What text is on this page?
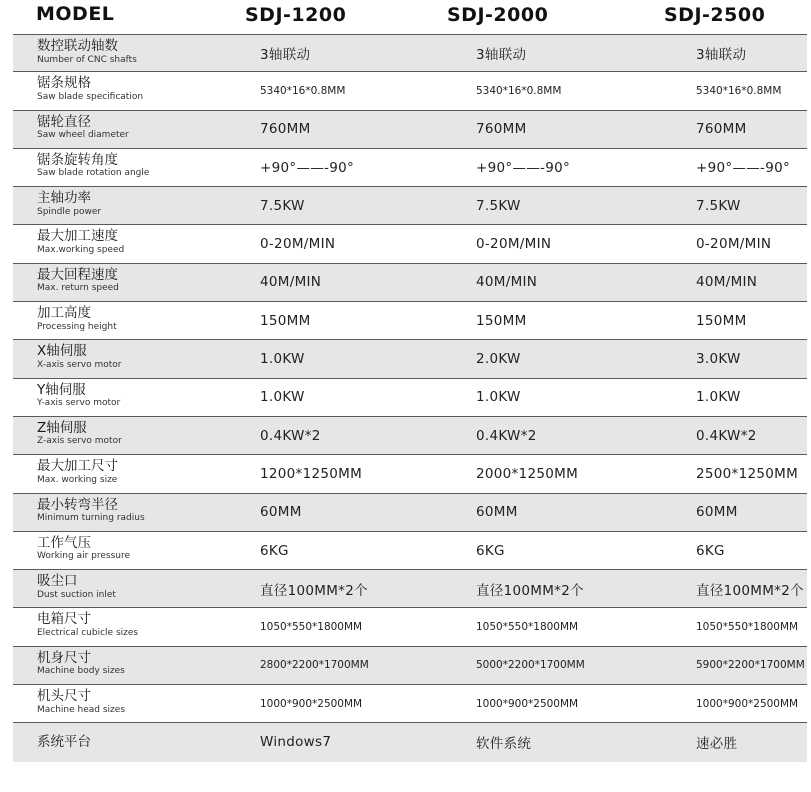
MODEL	SDJ-1200	SDJ-2000	SDJ-2500
数控联动轴数
Number of CNC shafts	3轴联动	3轴联动	3轴联动
锯条规格
Saw blade specification	5340*16*0.8MM	5340*16*0.8MM	5340*16*0.8MM
锯轮直径
Saw wheel diameter	760MM	760MM	760MM
锯条旋转角度
Saw blade rotation angle	+90°——-90°	+90°——-90°	+90°——-90°
主轴功率
Spindle power	7.5KW	7.5KW	7.5KW
最大加工速度
Max.working speed	0-20M/MIN	0-20M/MIN	0-20M/MIN
最大回程速度
Max. return speed	40M/MIN	40M/MIN	40M/MIN
加工高度
Processing height	150MM	150MM	150MM
X轴伺服
X-axis servo motor	1.0KW	2.0KW	3.0KW
Y轴伺服
Y-axis servo motor	1.0KW	1.0KW	1.0KW
Z轴伺服
Z-axis servo motor	0.4KW*2	0.4KW*2	0.4KW*2
最大加工尺寸
Max. working size	1200*1250MM	2000*1250MM	2500*1250MM
最小转弯半径
Minimum turning radius	60MM	60MM	60MM
工作气压
Working air pressure	6KG	6KG	6KG
吸尘口
Dust suction inlet	直径100MM*2个	直径100MM*2个	直径100MM*2个
电箱尺寸
Electrical cubicle sizes	1050*550*1800MM	1050*550*1800MM	1050*550*1800MM
机身尺寸
Machine body sizes	2800*2200*1700MM	5000*2200*1700MM	5900*2200*1700MM
机头尺寸
Machine head sizes	1000*900*2500MM	1000*900*2500MM	1000*900*2500MM
系统平台	Windows7	软件系统	速必胜
